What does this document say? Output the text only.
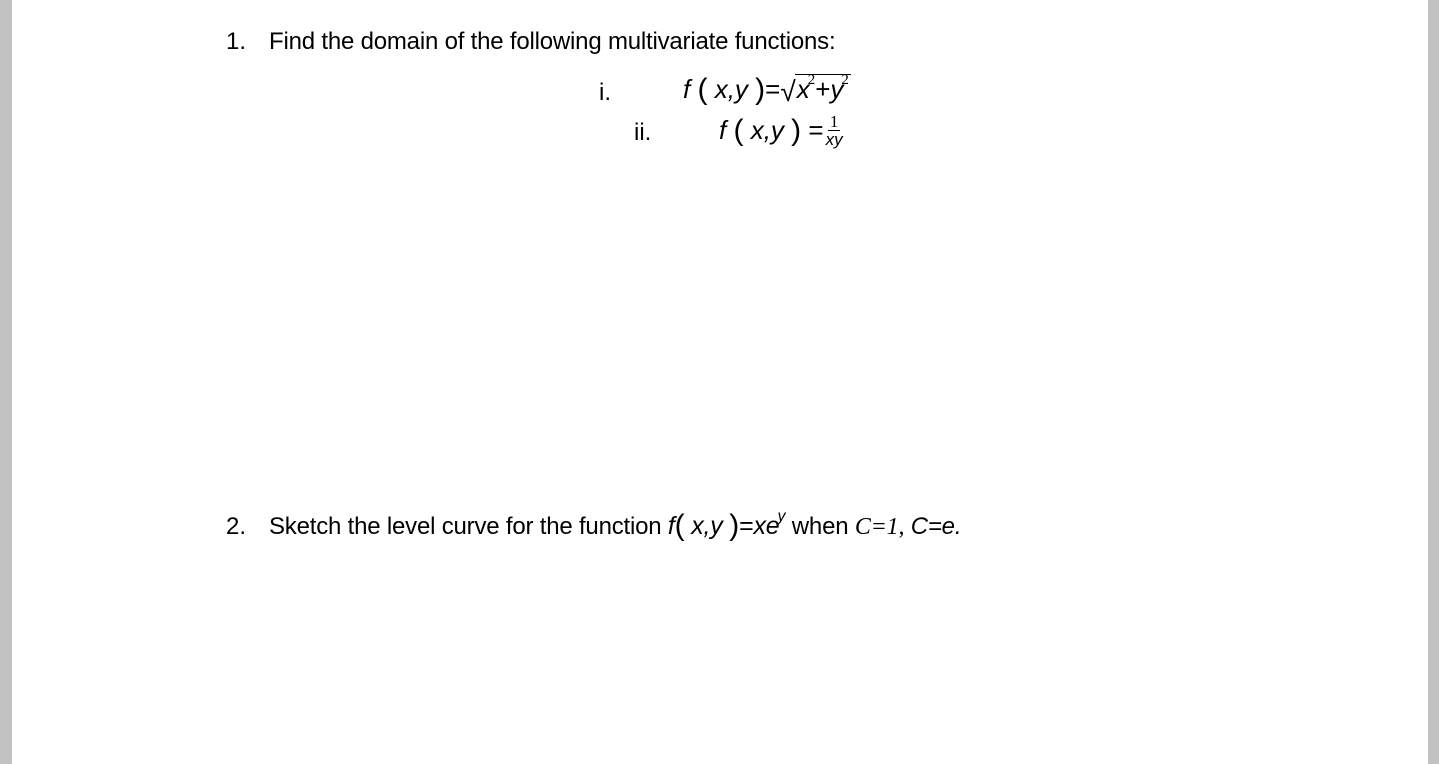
1. Find the domain of the following multivariate functions:
i.	f ( x,y )$=√x^2+y^2$
ii.	f ( x,y ) = $\frac{1}{xy}$
2. Sketch the level curve for the function f( x,y )$=xe^y$ when C=1, C=e.
